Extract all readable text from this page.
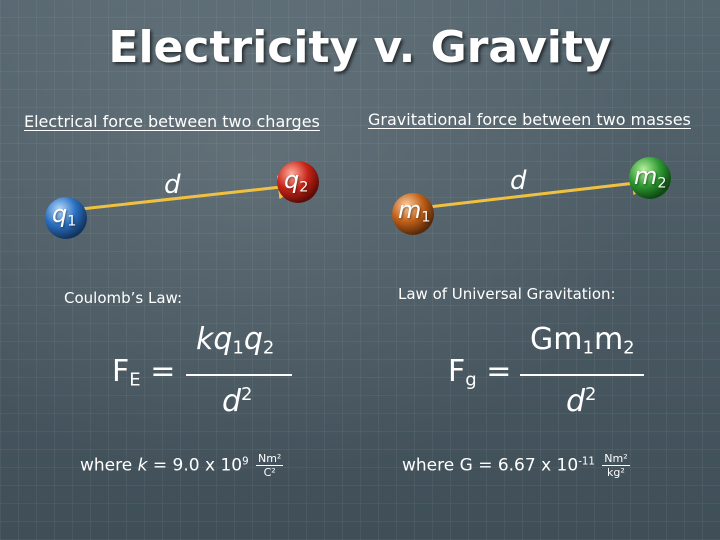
Electricity v. Gravity
Electrical force between two charges	Gravitational force between two masses
$q_1$
$q_2$
$m_1$
$m_2$
d	d
Coulomb’s Law:	Law of Universal Gravitation:
$F_E$ =
$kq_1q_2$
$d^2$
where k = 9.0 x $10^9 \frac{\text{Nm²}}{\text{C²}}$
$F_g$ =
$Gm_1m_2$
$d^2$
where G = 6.67 x $10^{-11} \frac{\text{Nm²}}{\text{kg²}}$
